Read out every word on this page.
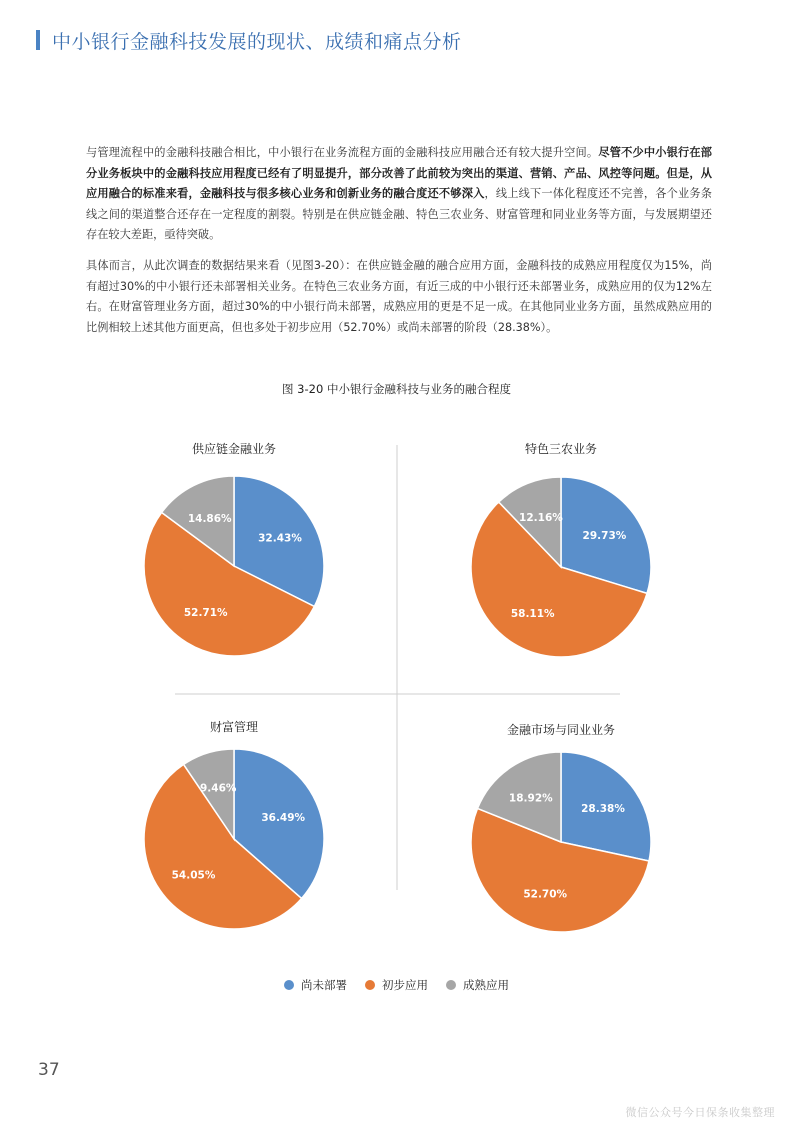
中小银行金融科技发展的现状、成绩和痛点分析
与管理流程中的金融科技融合相比，中小银行在业务流程方面的金融科技应用融合还有较大提升空间。尽管不少中小银行在部分业务板块中的金融科技应用程度已经有了明显提升，部分改善了此前较为突出的渠道、营销、产品、风控等问题。但是，从应用融合的标准来看，金融科技与很多核心业务和创新业务的融合度还不够深入，线上线下一体化程度还不完善，各个业务条线之间的渠道整合还存在一定程度的割裂。特别是在供应链金融、特色三农业务、财富管理和同业业务等方面，与发展期望还存在较大差距，亟待突破。
具体而言，从此次调查的数据结果来看（见图3-20）：在供应链金融的融合应用方面，金融科技的成熟应用程度仅为15%，尚有超过30%的中小银行还未部署相关业务。在特色三农业务方面，有近三成的中小银行还未部署业务，成熟应用的仅为12%左右。在财富管理业务方面，超过30%的中小银行尚未部署，成熟应用的更是不足一成。在其他同业业务方面，虽然成熟应用的比例相较上述其他方面更高，但也多处于初步应用（52.70%）或尚未部署的阶段（28.38%）。
图 3-20 中小银行金融科技与业务的融合程度
供应链金融业务
32.43%
52.71%
14.86%
特色三农业务
29.73%
58.11%
12.16%
财富管理
36.49%
54.05%
9.46%
金融市场与同业业务
28.38%
52.70%
18.92%
尚未部署	初步应用	成熟应用
37
微信公众号今日保条收集整理
